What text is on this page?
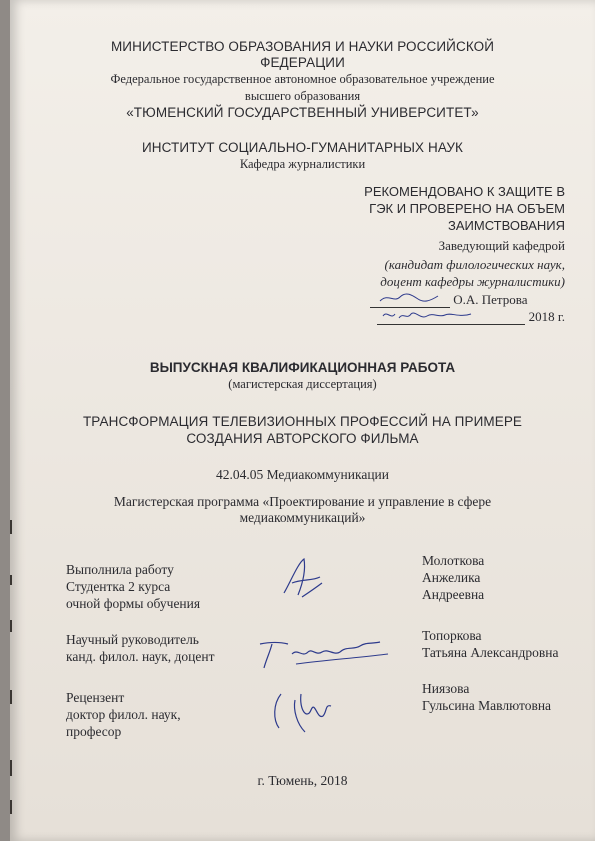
МИНИСТЕРСТВО ОБРАЗОВАНИЯ И НАУКИ РОССИЙСКОЙ
ФЕДЕРАЦИИ
Федеральное государственное автономное образовательное учреждение
высшего образования
«ТЮМЕНСКИЙ ГОСУДАРСТВЕННЫЙ УНИВЕРСИТЕТ»
ИНСТИТУТ СОЦИАЛЬНО-ГУМАНИТАРНЫХ НАУК
Кафедра журналистики
РЕКОМЕНДОВАНО К ЗАЩИТЕ В
ГЭК И ПРОВЕРЕНО НА ОБЪЕМ
ЗАИМСТВОВАНИЯ
Заведующий кафедрой
(кандидат филологических наук,
доцент кафедры журналистики)
О.А. Петрова
2018 г.
ВЫПУСКНАЯ КВАЛИФИКАЦИОННАЯ РАБОТА
(магистерская диссертация)
ТРАНСФОРМАЦИЯ ТЕЛЕВИЗИОННЫХ ПРОФЕССИЙ НА ПРИМЕРЕ
СОЗДАНИЯ АВТОРСКОГО ФИЛЬМА
42.04.05 Медиакоммуникации
Магистерская программа «Проектирование и управление в сфере
медиакоммуникаций»
Выполнила работу
Студентка 2 курса
очной формы обучения
Молоткова
Анжелика
Андреевна
Научный руководитель
канд. филол. наук, доцент
Топоркова
Татьяна Александровна
Рецензент
доктор филол. наук,
професор
Ниязова
Гульсина Мавлютовна
г. Тюмень, 2018
